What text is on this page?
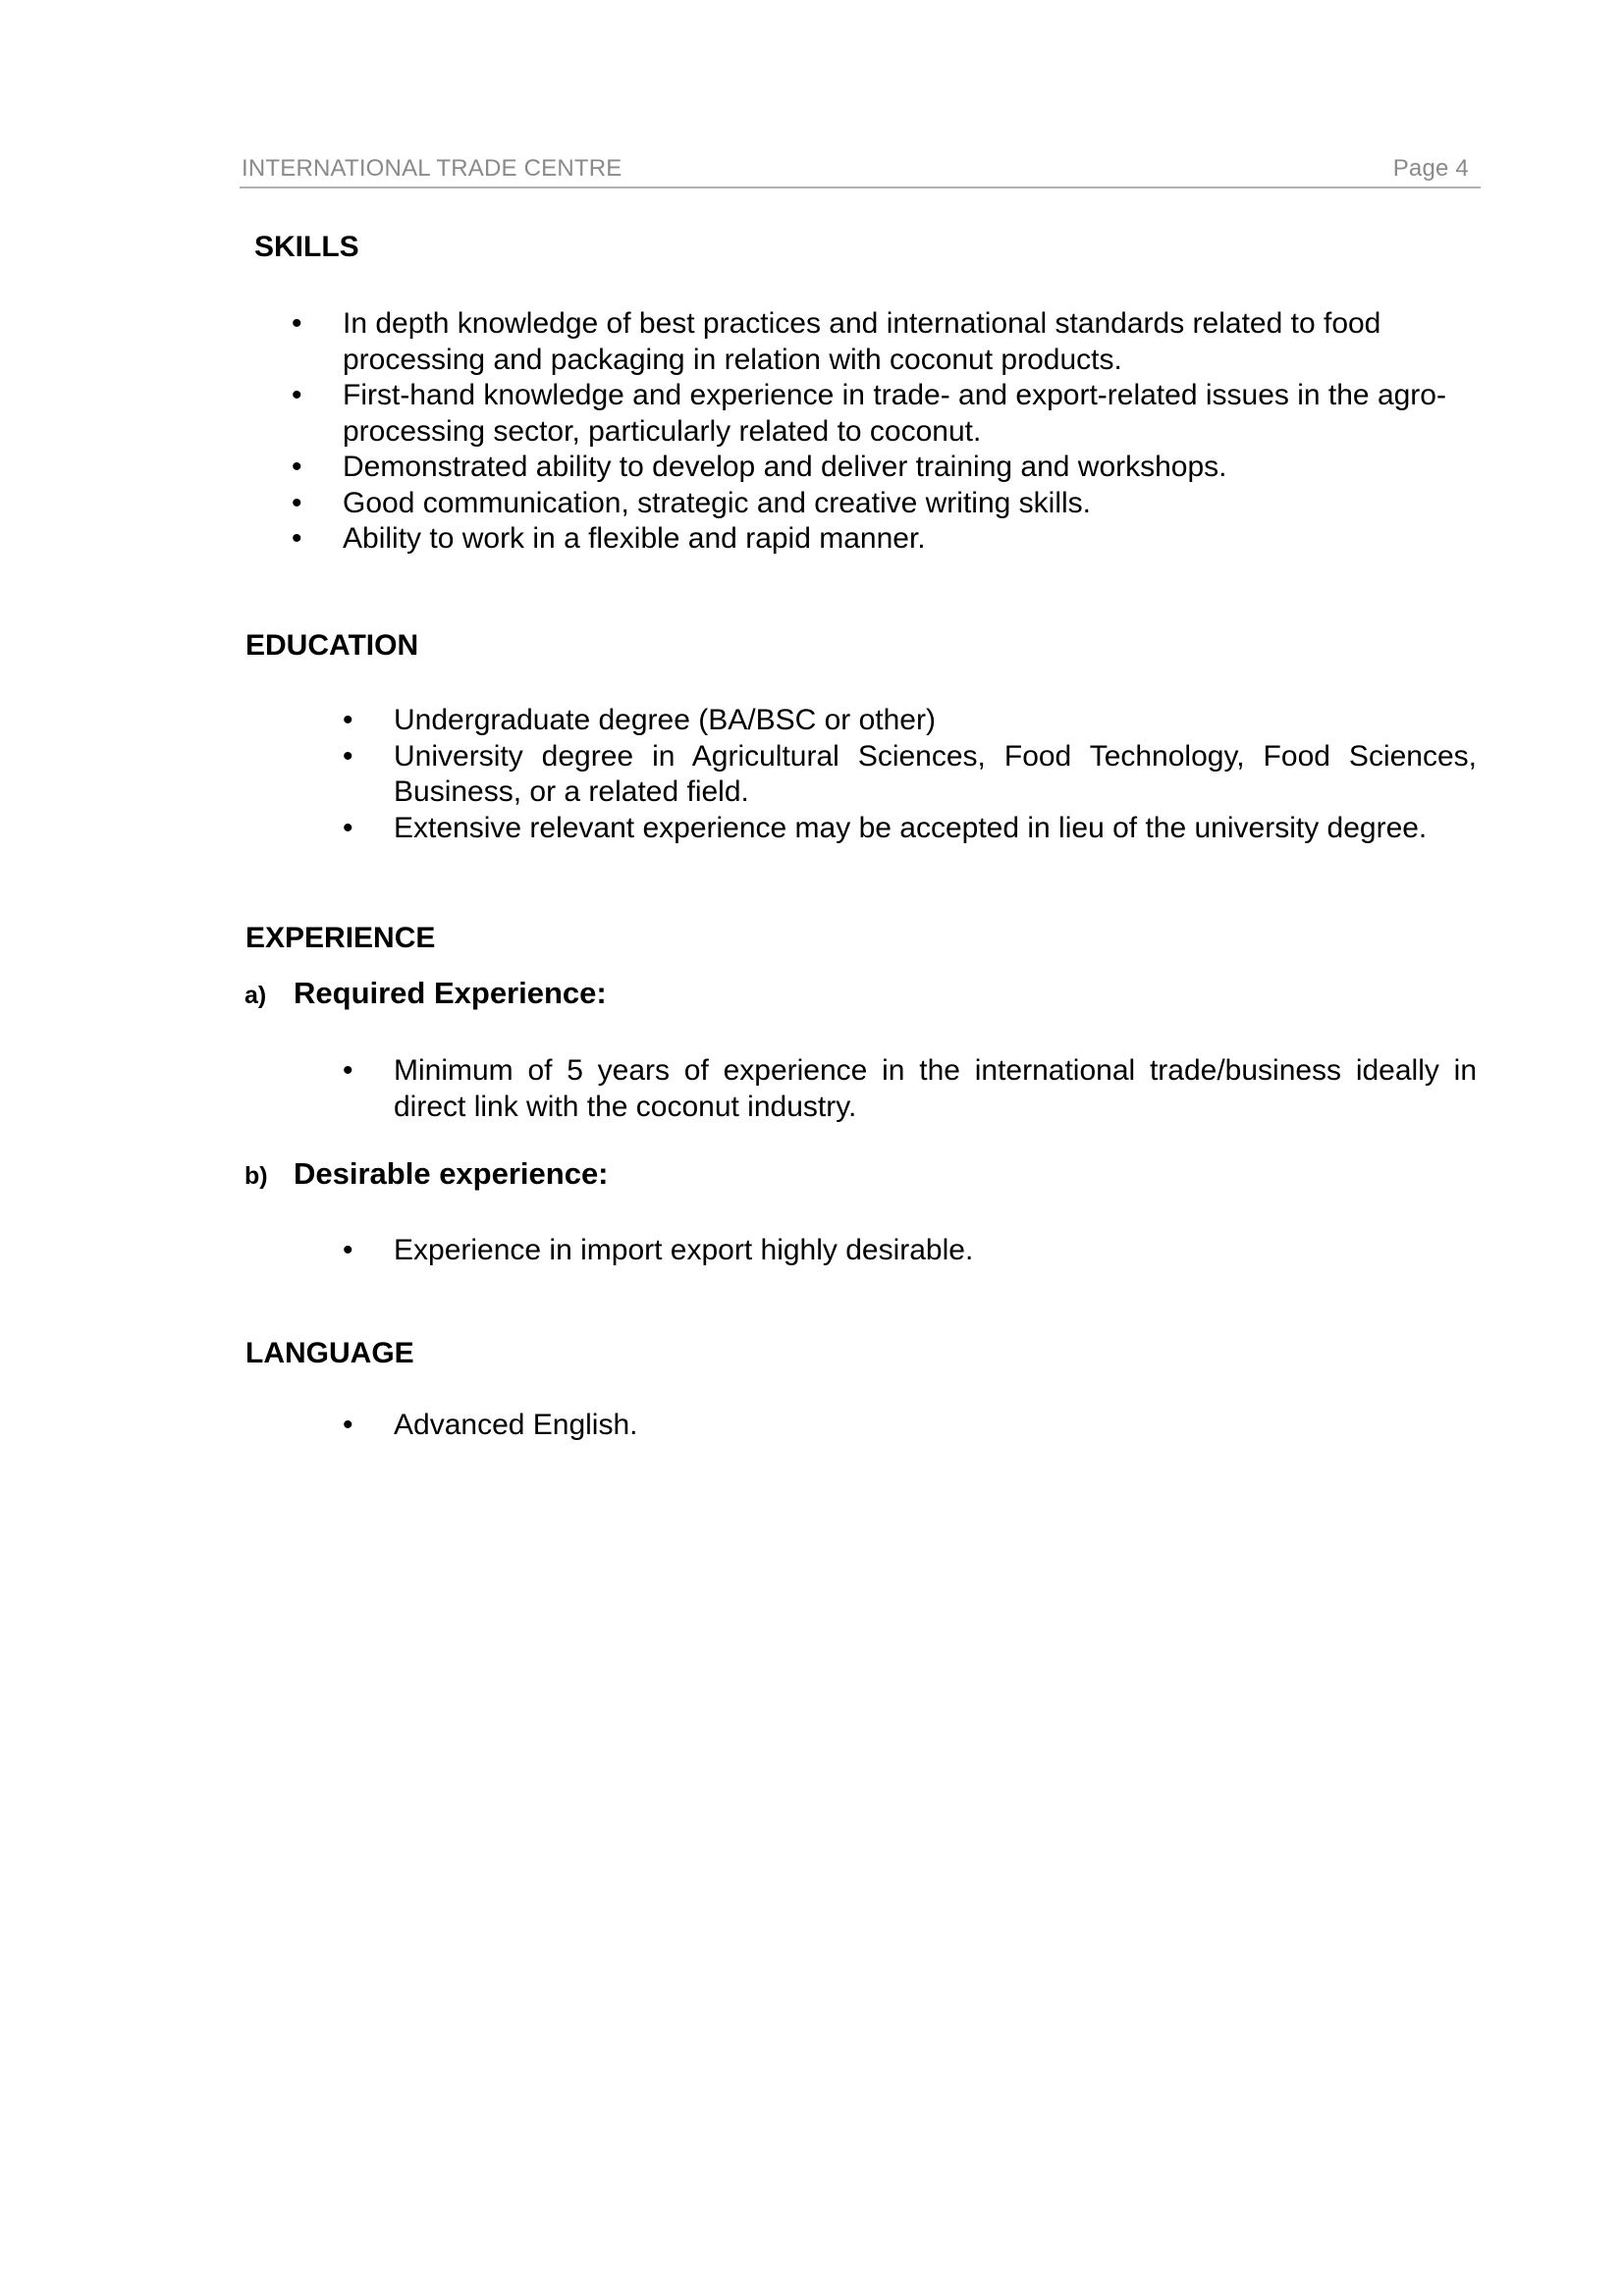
INTERNATIONAL TRADE CENTRE	Page 4
SKILLS
• In depth knowledge of best practices and international standards related to food processing and packaging in relation with coconut products.
• First-hand knowledge and experience in trade- and export-related issues in the agro-processing sector, particularly related to coconut.
• Demonstrated ability to develop and deliver training and workshops.
• Good communication, strategic and creative writing skills.
• Ability to work in a flexible and rapid manner.
EDUCATION
• Undergraduate degree (BA/BSC or other)
• University degree in Agricultural Sciences, Food Technology, Food Sciences, Business, or a related field.
• Extensive relevant experience may be accepted in lieu of the university degree.
EXPERIENCE
a) Required Experience:
• Minimum of 5 years of experience in the international trade/business ideally in direct link with the coconut industry.
b) Desirable experience:
• Experience in import export highly desirable.
LANGUAGE
• Advanced English.
